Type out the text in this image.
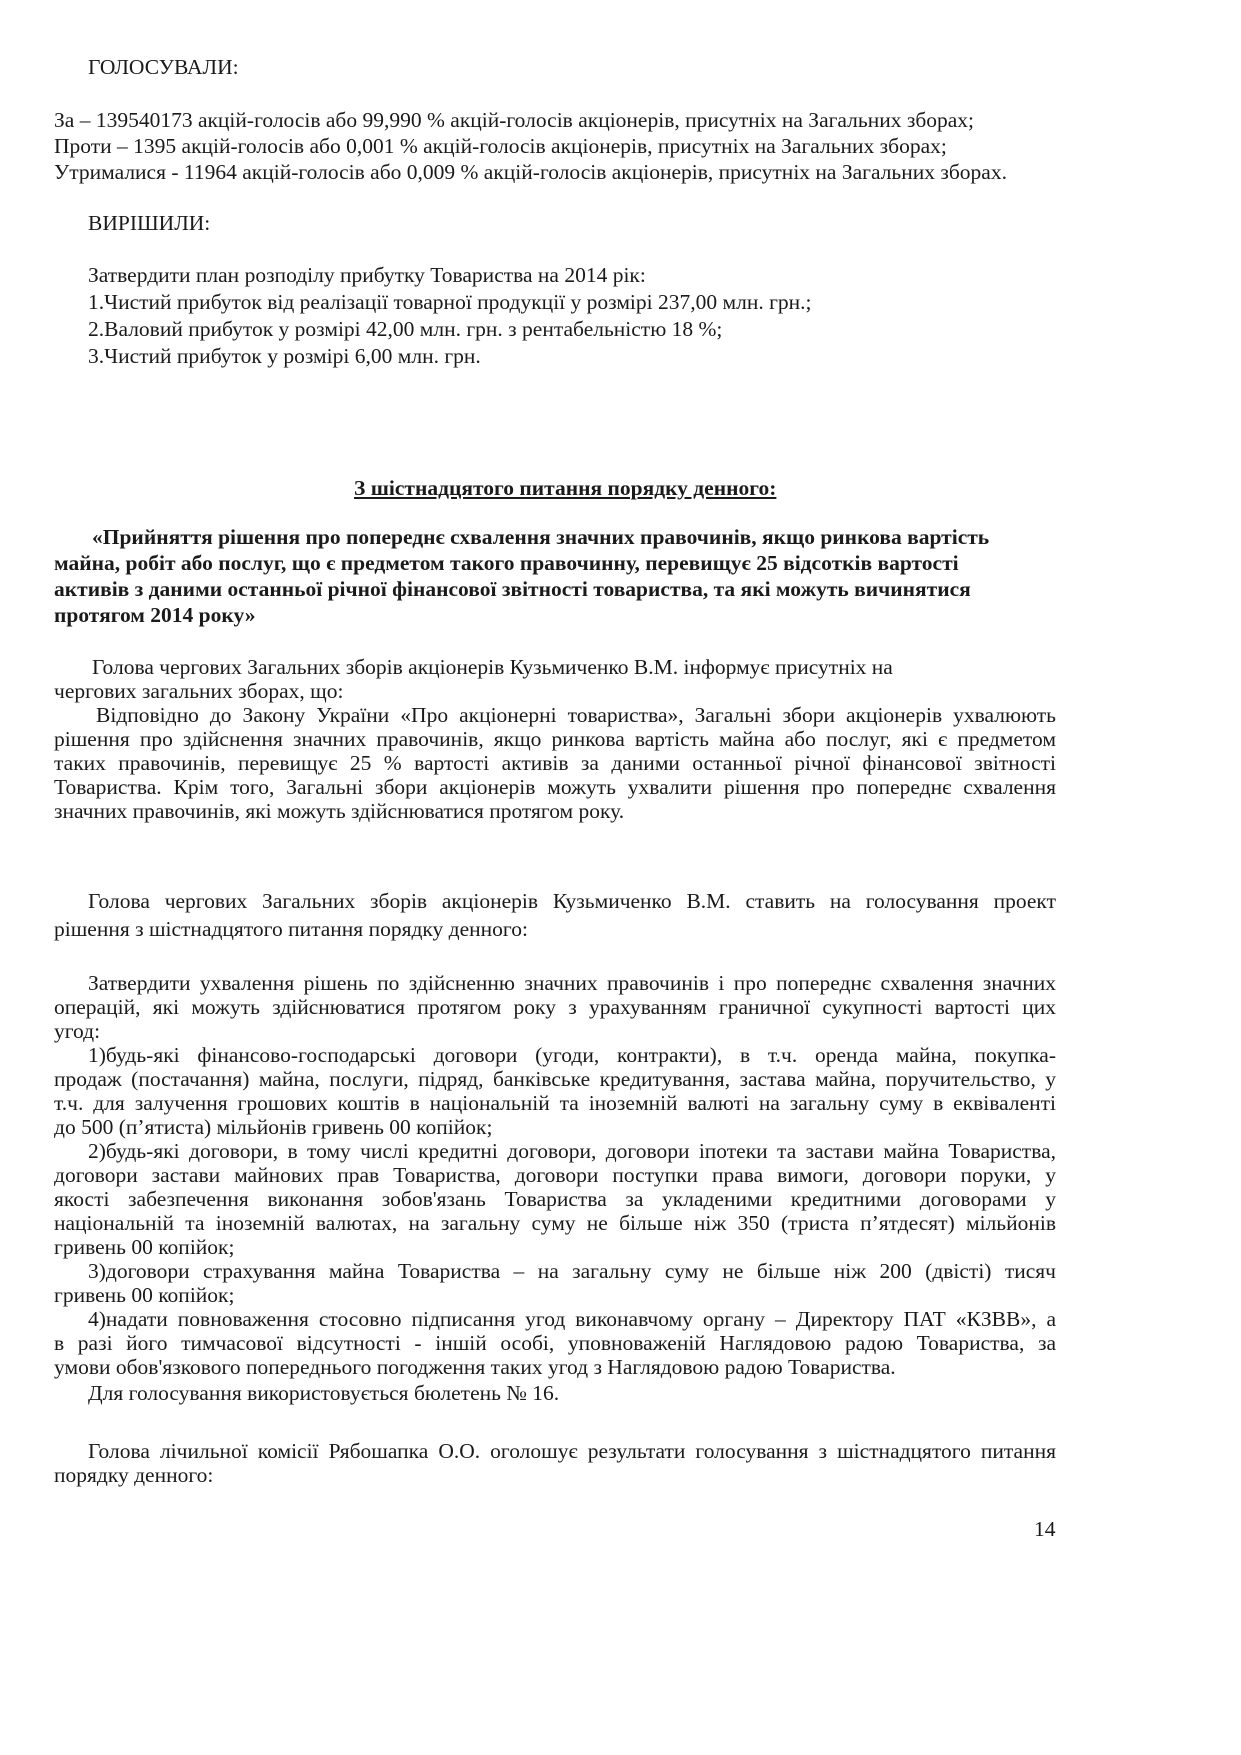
ГОЛОСУВАЛИ:
За – 139540173 акцій-голосів або 99,990 % акцій-голосів акціонерів, присутніх на Загальних зборах;
Проти – 1395 акцій-голосів або 0,001 % акцій-голосів акціонерів, присутніх на Загальних зборах;
Утрималися - 11964 акцій-голосів або 0,009 % акцій-голосів акціонерів, присутніх на Загальних зборах.
ВИРІШИЛИ:
Затвердити план розподілу прибутку Товариства на 2014 рік:
1.Чистий прибуток від реалізації товарної продукції у розмірі 237,00 млн. грн.;
2.Валовий прибуток у розмірі 42,00 млн. грн. з рентабельністю 18 %;
3.Чистий прибуток у розмірі 6,00 млн. грн.
З шістнадцятого питання порядку денного:
«Прийняття рішення про попереднє схвалення значних правочинів, якщо ринкова вартість
майна, робіт або послуг, що є предметом такого правочинну, перевищує 25 відсотків вартості
активів з даними останньої річної фінансової звітності товариства, та які можуть вичинятися
протягом 2014 року»
Голова чергових Загальних зборів акціонерів Кузьмиченко В.М. інформує присутніх на
чергових загальних зборах, що:
Відповідно до Закону України «Про акціонерні товариства», Загальні збори акціонерів ухвалюють
рішення про здійснення значних правочинів, якщо ринкова вартість майна або послуг, які є предметом
таких правочинів, перевищує 25 % вартості активів за даними останньої річної фінансової звітності
Товариства. Крім того, Загальні збори акціонерів можуть ухвалити рішення про попереднє схвалення
значних правочинів, які можуть здійснюватися протягом року.
Голова чергових Загальних зборів акціонерів Кузьмиченко В.М. ставить на голосування проект
рішення з шістнадцятого питання порядку денного:
Затвердити ухвалення рішень по здійсненню значних правочинів і про попереднє схвалення значних
операцій, які можуть здійснюватися протягом року з урахуванням граничної сукупності вартості цих
угод:
1)будь-які фінансово-господарські договори (угоди, контракти), в т.ч. оренда майна, покупка-
продаж (постачання) майна, послуги, підряд, банківське кредитування, застава майна, поручительство, у
т.ч. для залучення грошових коштів в національній та іноземній валюті на загальну суму в еквіваленті
до 500 (п’ятиста) мільйонів гривень 00 копійок;
2)будь-які договори, в тому числі кредитні договори, договори іпотеки та застави майна Товариства,
договори застави майнових прав Товариства, договори поступки права вимоги, договори поруки, у
якості забезпечення виконання зобов'язань Товариства за укладеними кредитними договорами у
національній та іноземній валютах, на загальну суму не більше ніж 350 (триста п’ятдесят) мільйонів
гривень 00 копійок;
3)договори страхування майна Товариства – на загальну суму не більше ніж 200 (двісті) тисяч
гривень 00 копійок;
4)надати повноваження стосовно підписання угод виконавчому органу – Директору ПАТ «КЗВВ», а
в разі його тимчасової відсутності - іншій особі, уповноваженій Наглядовою радою Товариства, за
умови обов'язкового попереднього погодження таких угод з Наглядовою радою Товариства.
Для голосування використовується бюлетень № 16.
Голова лічильної комісії Рябошапка О.О. оголошує результати голосування з шістнадцятого питання
порядку денного:
14
